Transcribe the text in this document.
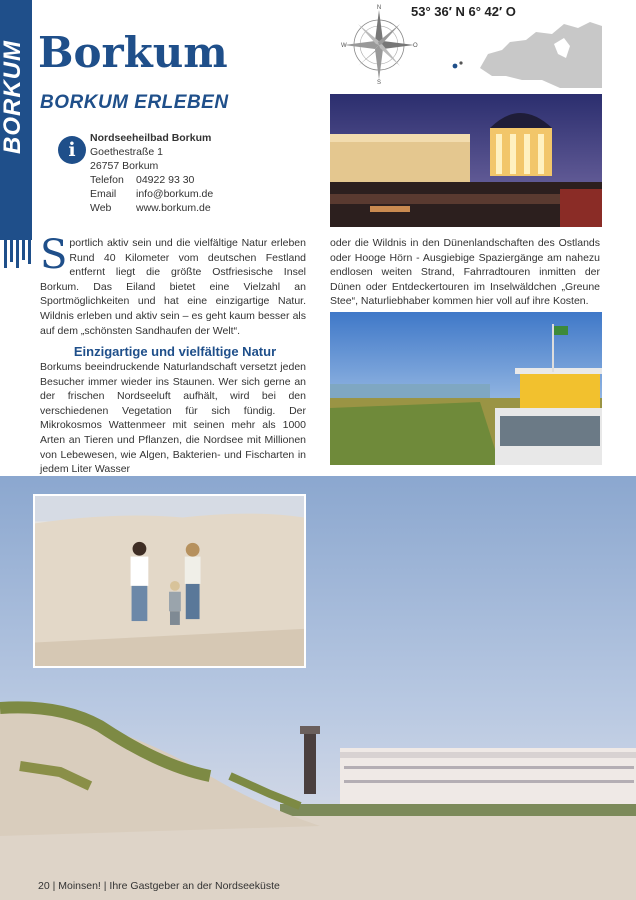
Borkum
BORKUM ERLEBEN
i
Nordseeheilbad Borkum
Goethestraße 1
26757 Borkum
Telefon	04922 93 30
Email	info@borkum.de
Web	www.borkum.de
N
S
W	O
53° 36′ N 6° 42′ O
Sportlich aktiv sein und die vielfältige Natur erleben Rund 40 Kilometer vom deutschen Festland entfernt liegt die größte Ostfriesische Insel Borkum. Das Eiland bietet eine Vielzahl an Sportmöglichkeiten und hat eine einzigartige Natur. Wildnis erleben und aktiv sein – es geht kaum besser als auf dem „schönsten Sandhaufen der Welt“.
Einzigartige und vielfältige Natur
Borkums beeindruckende Naturlandschaft versetzt jeden Besucher immer wieder ins Staunen. Wer sich gerne an der frischen Nordseeluft aufhält, wird bei den verschiedenen Vegetation für sich fündig. Der Mikrokosmos Wattenmeer mit seinen mehr als 1000 Arten an Tieren und Pflanzen, die Nordsee mit Millionen von Lebewesen, wie Algen, Bakterien- und Fischarten in jedem Liter Wasser
oder die Wildnis in den Dünenlandschaften des Ostlands oder Hooge Hörn - Ausgiebige Spaziergänge am nahezu endlosen weiten Strand, Fahrradtouren inmitten der Dünen oder Entdeckertouren im Inselwäldchen „Greune Stee“, Naturliebhaber kommen hier voll auf ihre Kosten.
20 | Moinsen! | Ihre Gastgeber an der Nordseeküste
